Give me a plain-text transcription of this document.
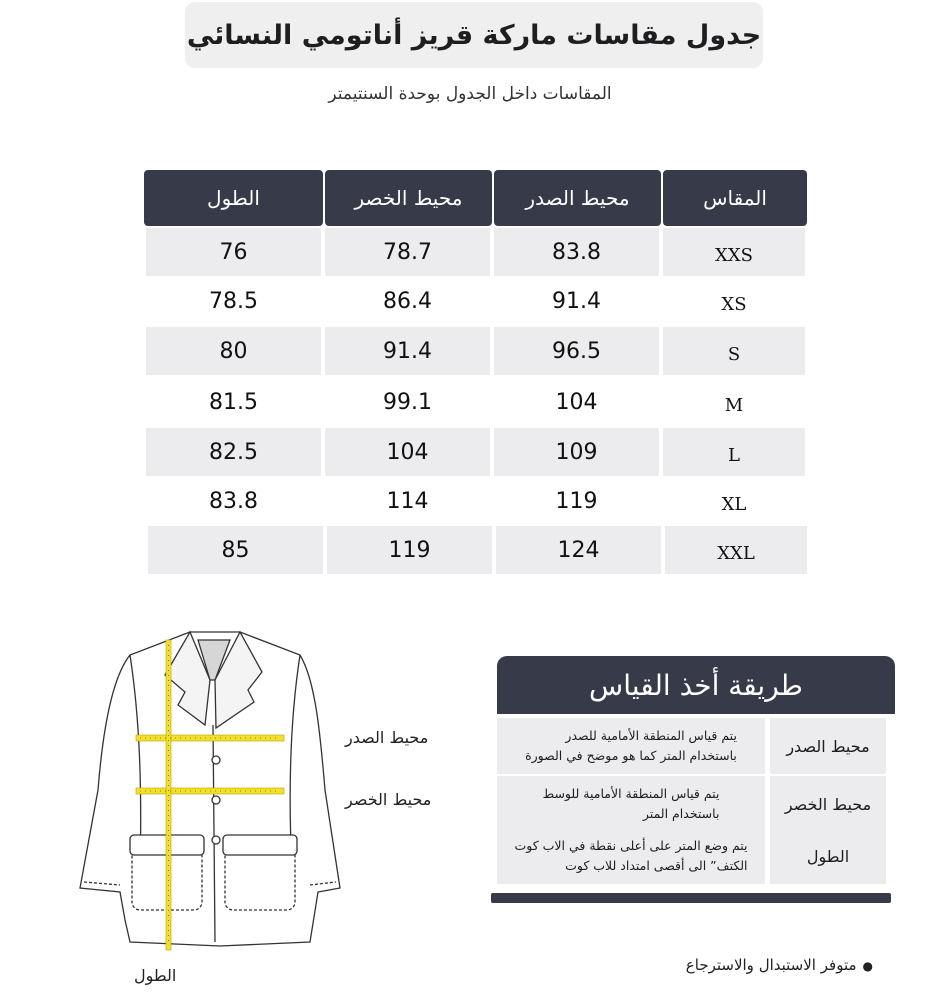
جدول مقاسات ماركة قريز أناتومي النسائي
المقاسات داخل الجدول بوحدة السنتيمتر
المقاس
محيط الصدر
محيط الخصر
الطول
XXS
83.8
78.7
76
XS
91.4
86.4
78.5
S
96.5
91.4
80
M
104
99.1
81.5
L
109
104
82.5
XL
119
114
83.8
XXL
124
119
85
محيط الصدر
محيط الخصر
الطول
طريقة أخذ القياس
محيط الصدر
يتم قياس المنطقة الأمامية للصدر
باستخدام المتر كما هو موضح في الصورة
محيط الخصر
يتم قياس المنطقة الأمامية للوسط
باستخدام المتر
الطول
يتم وضع المتر على أعلى نقطة في الاب كوت
الكتف” الى أقصى امتداد للاب كوت
●متوفر الاستبدال والاسترجاع
